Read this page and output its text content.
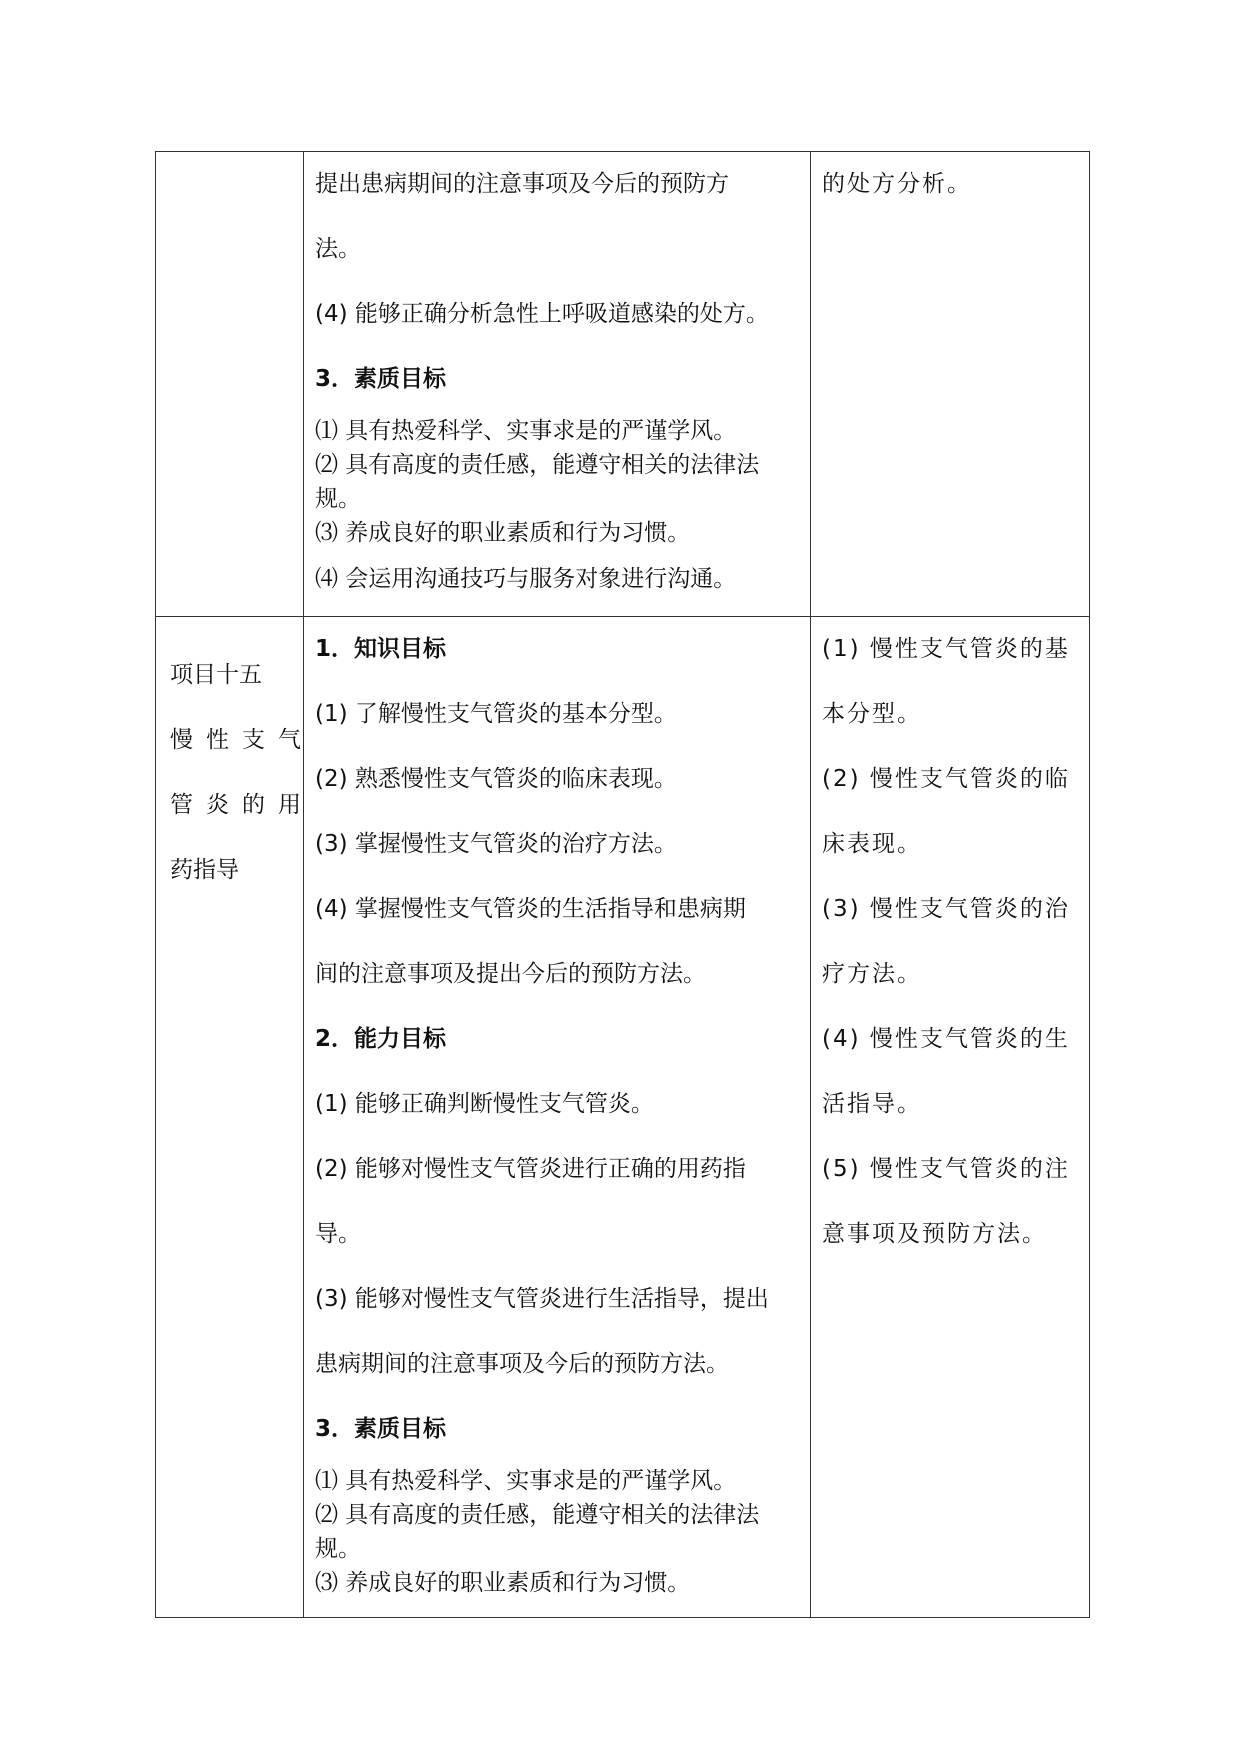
提出患病期间的注意事项及今后的预防方
法。
(4) 能够正确分析急性上呼吸道感染的处方。
3．素质目标
⑴ 具有热爱科学、实事求是的严谨学风。
⑵ 具有高度的责任感，能遵守相关的法律法
规。
⑶ 养成良好的职业素质和行为习惯。
⑷ 会运用沟通技巧与服务对象进行沟通。
的处方分析。
项目十五
慢性支气
管炎的用
药指导
1．知识目标
(1) 了解慢性支气管炎的基本分型。
(2) 熟悉慢性支气管炎的临床表现。
(3) 掌握慢性支气管炎的治疗方法。
(4) 掌握慢性支气管炎的生活指导和患病期
间的注意事项及提出今后的预防方法。
2．能力目标
(1) 能够正确判断慢性支气管炎。
(2) 能够对慢性支气管炎进行正确的用药指
导。
(3) 能够对慢性支气管炎进行生活指导，提出
患病期间的注意事项及今后的预防方法。
3．素质目标
⑴ 具有热爱科学、实事求是的严谨学风。
⑵ 具有高度的责任感，能遵守相关的法律法
规。
⑶ 养成良好的职业素质和行为习惯。
(1) 慢性支气管炎的基
本分型。
(2) 慢性支气管炎的临
床表现。
(3) 慢性支气管炎的治
疗方法。
(4) 慢性支气管炎的生
活指导。
(5) 慢性支气管炎的注
意事项及预防方法。
